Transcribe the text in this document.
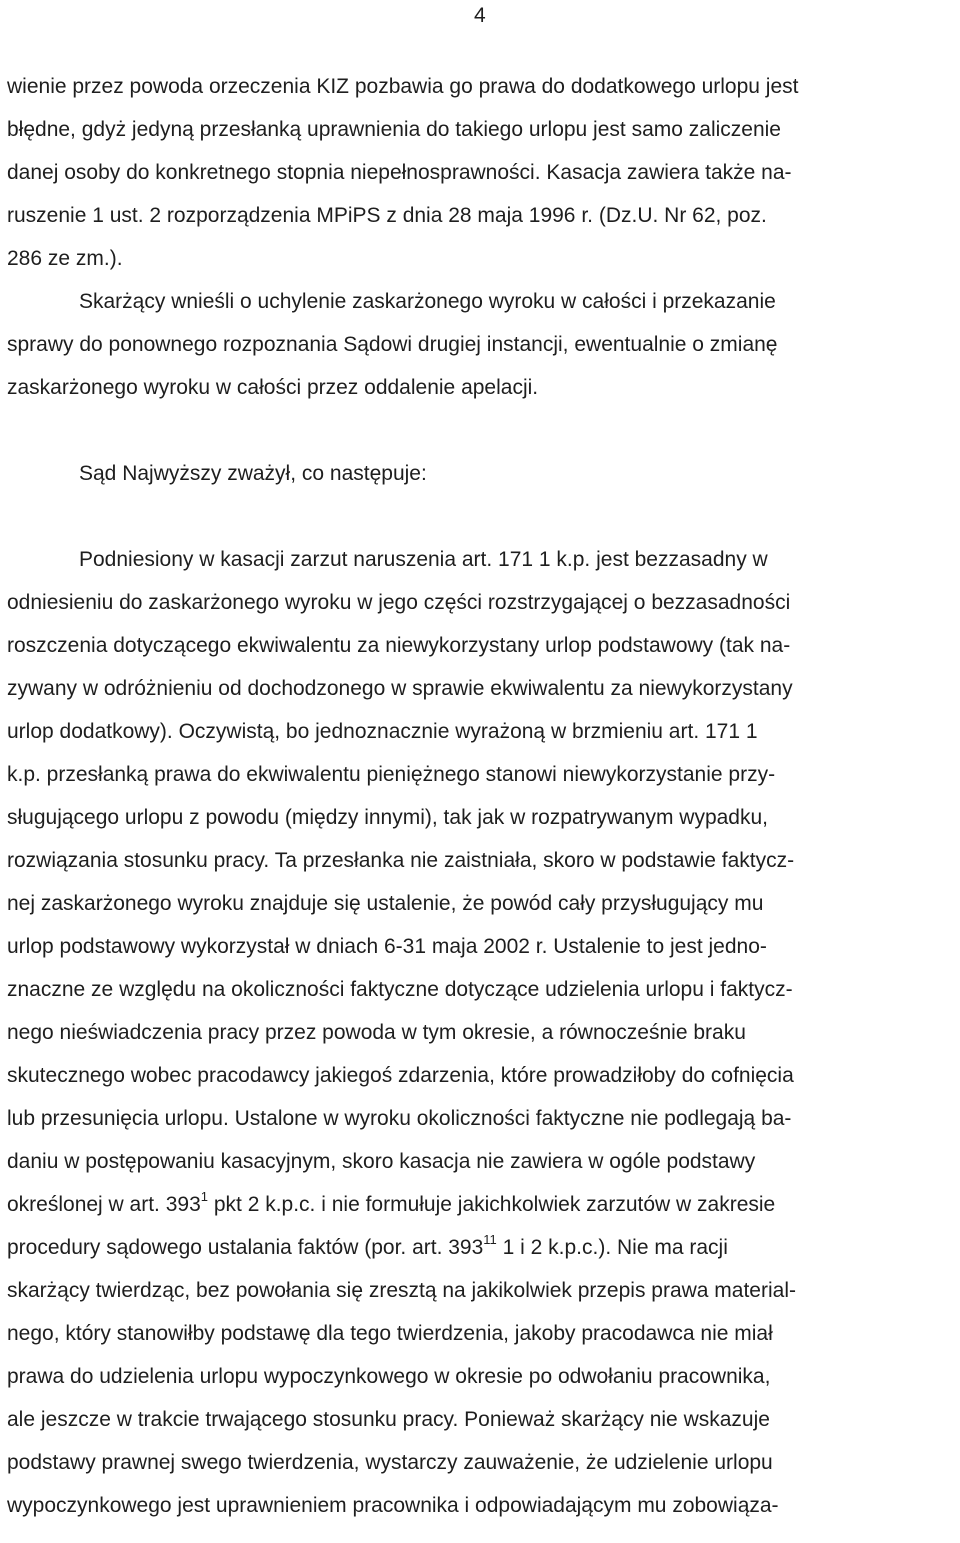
4
wienie przez powoda orzeczenia KIZ pozbawia go prawa do dodatkowego urlopu jest
błędne, gdyż jedyną przesłanką uprawnienia do takiego urlopu jest samo zaliczenie
danej osoby do konkretnego stopnia niepełnosprawności. Kasacja zawiera także na-
ruszenie 1 ust. 2 rozporządzenia MPiPS z dnia 28 maja 1996 r. (Dz.U. Nr 62, poz.
286 ze zm.).
Skarżący wnieśli o uchylenie zaskarżonego wyroku w całości i przekazanie
sprawy do ponownego rozpoznania Sądowi drugiej instancji, ewentualnie o zmianę
zaskarżonego wyroku w całości przez oddalenie apelacji.
Sąd Najwyższy zważył, co następuje:
Podniesiony w kasacji zarzut naruszenia art. 171 1 k.p. jest bezzasadny w
odniesieniu do zaskarżonego wyroku w jego części rozstrzygającej o bezzasadności
roszczenia dotyczącego ekwiwalentu za niewykorzystany urlop podstawowy (tak na-
zywany w odróżnieniu od dochodzonego w sprawie ekwiwalentu za niewykorzystany
urlop dodatkowy). Oczywistą, bo jednoznacznie wyrażoną w brzmieniu art. 171 1
k.p. przesłanką prawa do ekwiwalentu pieniężnego stanowi niewykorzystanie przy-
sługującego urlopu z powodu (między innymi), tak jak w rozpatrywanym wypadku,
rozwiązania stosunku pracy. Ta przesłanka nie zaistniała, skoro w podstawie faktycz-
nej zaskarżonego wyroku znajduje się ustalenie, że powód cały przysługujący mu
urlop podstawowy wykorzystał w dniach 6-31 maja 2002 r. Ustalenie to jest jedno-
znaczne ze względu na okoliczności faktyczne dotyczące udzielenia urlopu i faktycz-
nego nieświadczenia pracy przez powoda w tym okresie, a równocześnie braku
skutecznego wobec pracodawcy jakiegoś zdarzenia, które prowadziłoby do cofnięcia
lub przesunięcia urlopu. Ustalone w wyroku okoliczności faktyczne nie podlegają ba-
daniu w postępowaniu kasacyjnym, skoro kasacja nie zawiera w ogóle podstawy
określonej w art. $393^1$ pkt 2 k.p.c. i nie formułuje jakichkolwiek zarzutów w zakresie
procedury sądowego ustalania faktów (por. art. $393^{11}$ 1 i 2 k.p.c.). Nie ma racji
skarżący twierdząc, bez powołania się zresztą na jakikolwiek przepis prawa material-
nego, który stanowiłby podstawę dla tego twierdzenia, jakoby pracodawca nie miał
prawa do udzielenia urlopu wypoczynkowego w okresie po odwołaniu pracownika,
ale jeszcze w trakcie trwającego stosunku pracy. Ponieważ skarżący nie wskazuje
podstawy prawnej swego twierdzenia, wystarczy zauważenie, że udzielenie urlopu
wypoczynkowego jest uprawnieniem pracownika i odpowiadającym mu zobowiąza-
